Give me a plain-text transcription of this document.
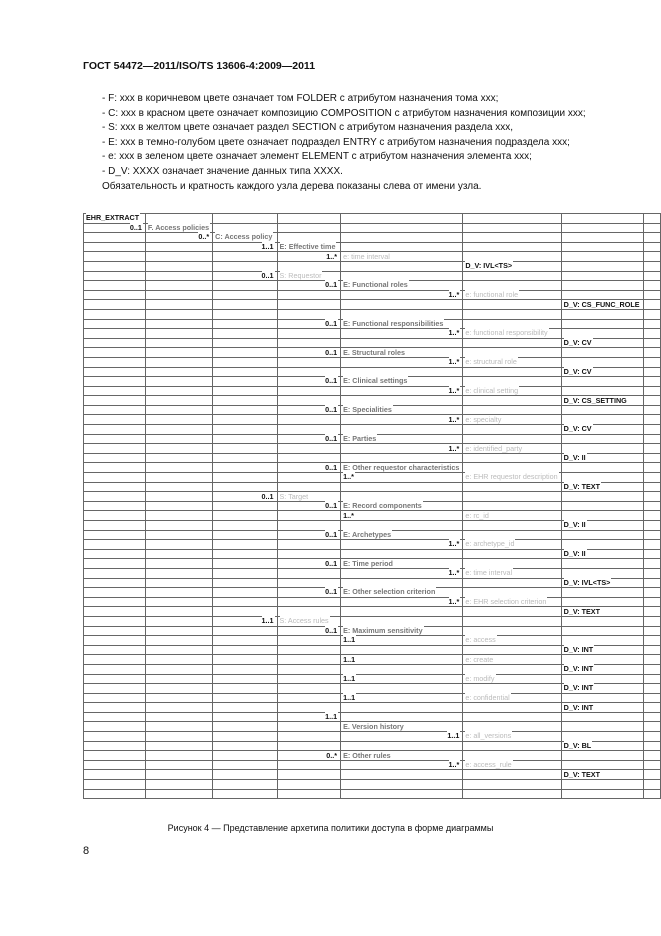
ГОСТ 54472—2011/ISO/TS 13606-4:2009—2011
- F: xxx в коричневом цвете означает том FOLDER с атрибутом назначения тома xxx;
- C: xxx в красном цвете означает композицию COMPOSITION с атрибутом назначения композиции xxx;
- S: xxx в желтом цвете означает раздел SECTION с атрибутом назначения раздела xxx,
- E: xxx в темно-голубом цвете означает подраздел ENTRY с атрибутом назначения подраздела xxx;
- e: xxx в зеленом цвете означает элемент ELEMENT с атрибутом назначения элемента xxx;
- D_V: XXXX означает значение данных типа XXXX.
Обязательность и кратность каждого узла дерева показаны слева от имени узла.
EHR_EXTRACT							
0..1	F. Access policies						
	0..*	C: Access policy					
		1..1	E: Effective time				
			1..*	e: time interval			
					D_V: IVL<TS>		
		0..1	S: Requestor				
			0..1	E: Functional roles			
				1..*	e: functional role		
						D_V: CS_FUNC_ROLE	

			0..1	E: Functional responsibilities			
				1..*	e: functional responsibility		
						D_V: CV	
			0..1	E. Structural roles			
				1..*	e: structural role		
						D_V: CV	
			0..1	E: Clinical settings			
				1..*	e: clinical setting		
						D_V: CS_SETTING	
			0..1	E: Specialities			
				1..*	e: specialty		
						D_V: CV	
			0..1	E: Parties			
				1..*	e: identified_party		
						D_V: II	
			0..1	E: Other requestor characteristics			
				1..*	e: EHR requestor description		
						D_V: TEXT	
		0..1	S: Target				
			0..1	E: Record components			
				1..*	e: rc_id		
						D_V: II	
			0..1	E: Archetypes			
				1..*	e: archetype_id		
						D_V: II	
			0..1	E: Time period			
				1..*	e: time interval		
						D_V: IVL<TS>	
			0..1	E: Other selection criterion			
				1..*	e: EHR selection criterion		
						D_V: TEXT	
		1..1	S: Access rules				
			0..1	E: Maximum sensitivity			
				1..1	e: access		
						D_V: INT	
				1..1	e: create		
						D_V: INT	
				1..1	e: modify		
						D_V: INT	
				1..1	e: confidential		
						D_V: INT	
			1..1				
				E. Version history			
				1..1	e: all_versions		
						D_V: BL	
			0..*	E: Other rules			
				1..*	e: access_rule		
						D_V: TEXT	

Рисунок 4 — Представление архетипа политики доступа в форме диаграммы
8
